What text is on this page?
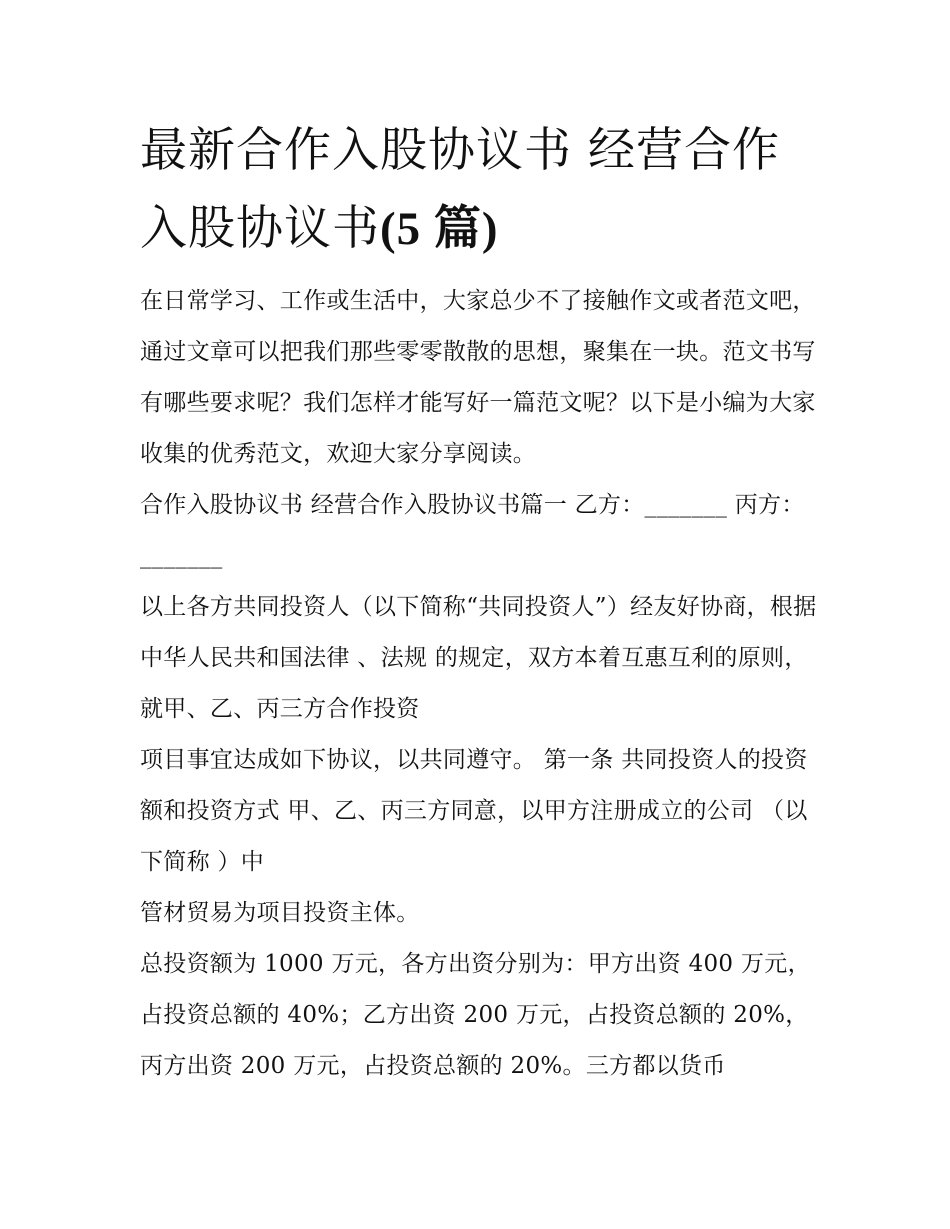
最新合作入股协议书 经营合作
入股协议书(5 篇)

在日常学习、工作或生活中，大家总少不了接触作文或者范文吧，通过文章可以把我们那些零零散散的思想，聚集在一块。范文书写有哪些要求呢？我们怎样才能写好一篇范文呢？以下是小编为大家收集的优秀范文，欢迎大家分享阅读。

合作入股协议书 经营合作入股协议书篇一 乙方：_______ 丙方：_______

以上各方共同投资人（以下简称“共同投资人”）经友好协商，根据中华人民共和国法律 、法规 的规定，双方本着互惠互利的原则，就甲、乙、丙三方合作投资

项目事宜达成如下协议，以共同遵守。 第一条 共同投资人的投资额和投资方式 甲、乙、丙三方同意，以甲方注册成立的公司 （以下简称 ）中

管材贸易为项目投资主体。

总投资额为 1000 万元，各方出资分别为：甲方出资 400 万元，占投资总额的 40%；乙方出资 200 万元，占投资总额的 20%，丙方出资 200 万元，占投资总额的 20%。三方都以货币
